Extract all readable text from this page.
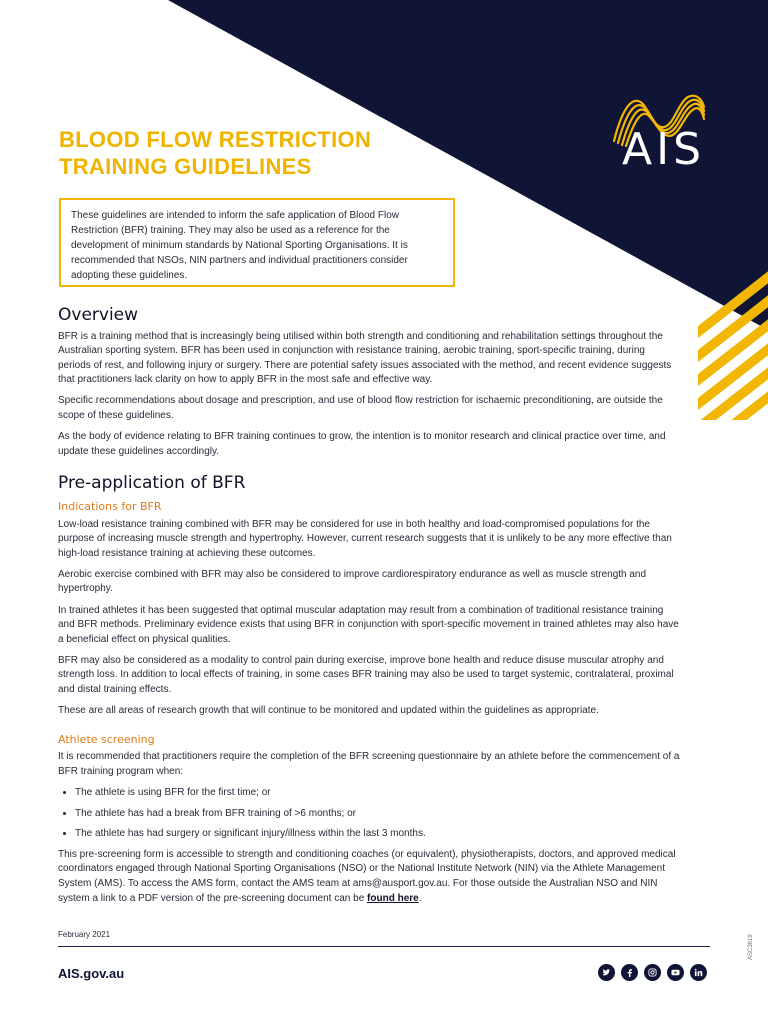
AIS
BLOOD FLOW RESTRICTION
TRAINING GUIDELINES
These guidelines are intended to inform the safe application of Blood Flow Restriction (BFR) training. They may also be used as a reference for the development of minimum standards by National Sporting Organisations. It is recommended that NSOs, NIN partners and individual practitioners consider adopting these guidelines.
Overview

BFR is a training method that is increasingly being utilised within both strength and conditioning and rehabilitation settings throughout the Australian sporting system. BFR has been used in conjunction with resistance training, aerobic training, sport-specific training, during periods of rest, and following injury or surgery. There are potential safety issues associated with the method, and recent evidence suggests that practitioners lack clarity on how to apply BFR in the most safe and effective way.

Specific recommendations about dosage and prescription, and use of blood flow restriction for ischaemic preconditioning, are outside the scope of these guidelines.

As the body of evidence relating to BFR training continues to grow, the intention is to monitor research and clinical practice over time, and update these guidelines accordingly.

Pre-application of BFR
Indications for BFR

Low-load resistance training combined with BFR may be considered for use in both healthy and load-compromised populations for the purpose of increasing muscle strength and hypertrophy. However, current research suggests that it is unlikely to be any more effective than high-load resistance training at achieving these outcomes.

Aerobic exercise combined with BFR may also be considered to improve cardiorespiratory endurance as well as muscle strength and hypertrophy.

In trained athletes it has been suggested that optimal muscular adaptation may result from a combination of traditional resistance training and BFR methods. Preliminary evidence exists that using BFR in conjunction with sport-specific movement in trained athletes may also have a beneficial effect on physical qualities.

BFR may also be considered as a modality to control pain during exercise, improve bone health and reduce disuse muscular atrophy and strength loss. In addition to local effects of training, in some cases BFR training may also be used to target systemic, contralateral, proximal and distal training effects.

These are all areas of research growth that will continue to be monitored and updated within the guidelines as appropriate.

Athlete screening

It is recommended that practitioners require the completion of the BFR screening questionnaire by an athlete before the commencement of a BFR training program when:

• The athlete is using BFR for the first time; or
• The athlete has had a break from BFR training of >6 months; or
• The athlete has had surgery or significant injury/illness within the last 3 months.

This pre-screening form is accessible to strength and conditioning coaches (or equivalent), physiotherapists, doctors, and approved medical coordinators engaged through National Sporting Organisations (NSO) or the National Institute Network (NIN) via the Athlete Management System (AMS). To access the AMS form, contact the AMS team at ams@ausport.gov.au. For those outside the Australian NSO and NIN system a link to a PDF version of the pre-screening document can be found here.

February 2021
AIS.gov.au
ASC3619
